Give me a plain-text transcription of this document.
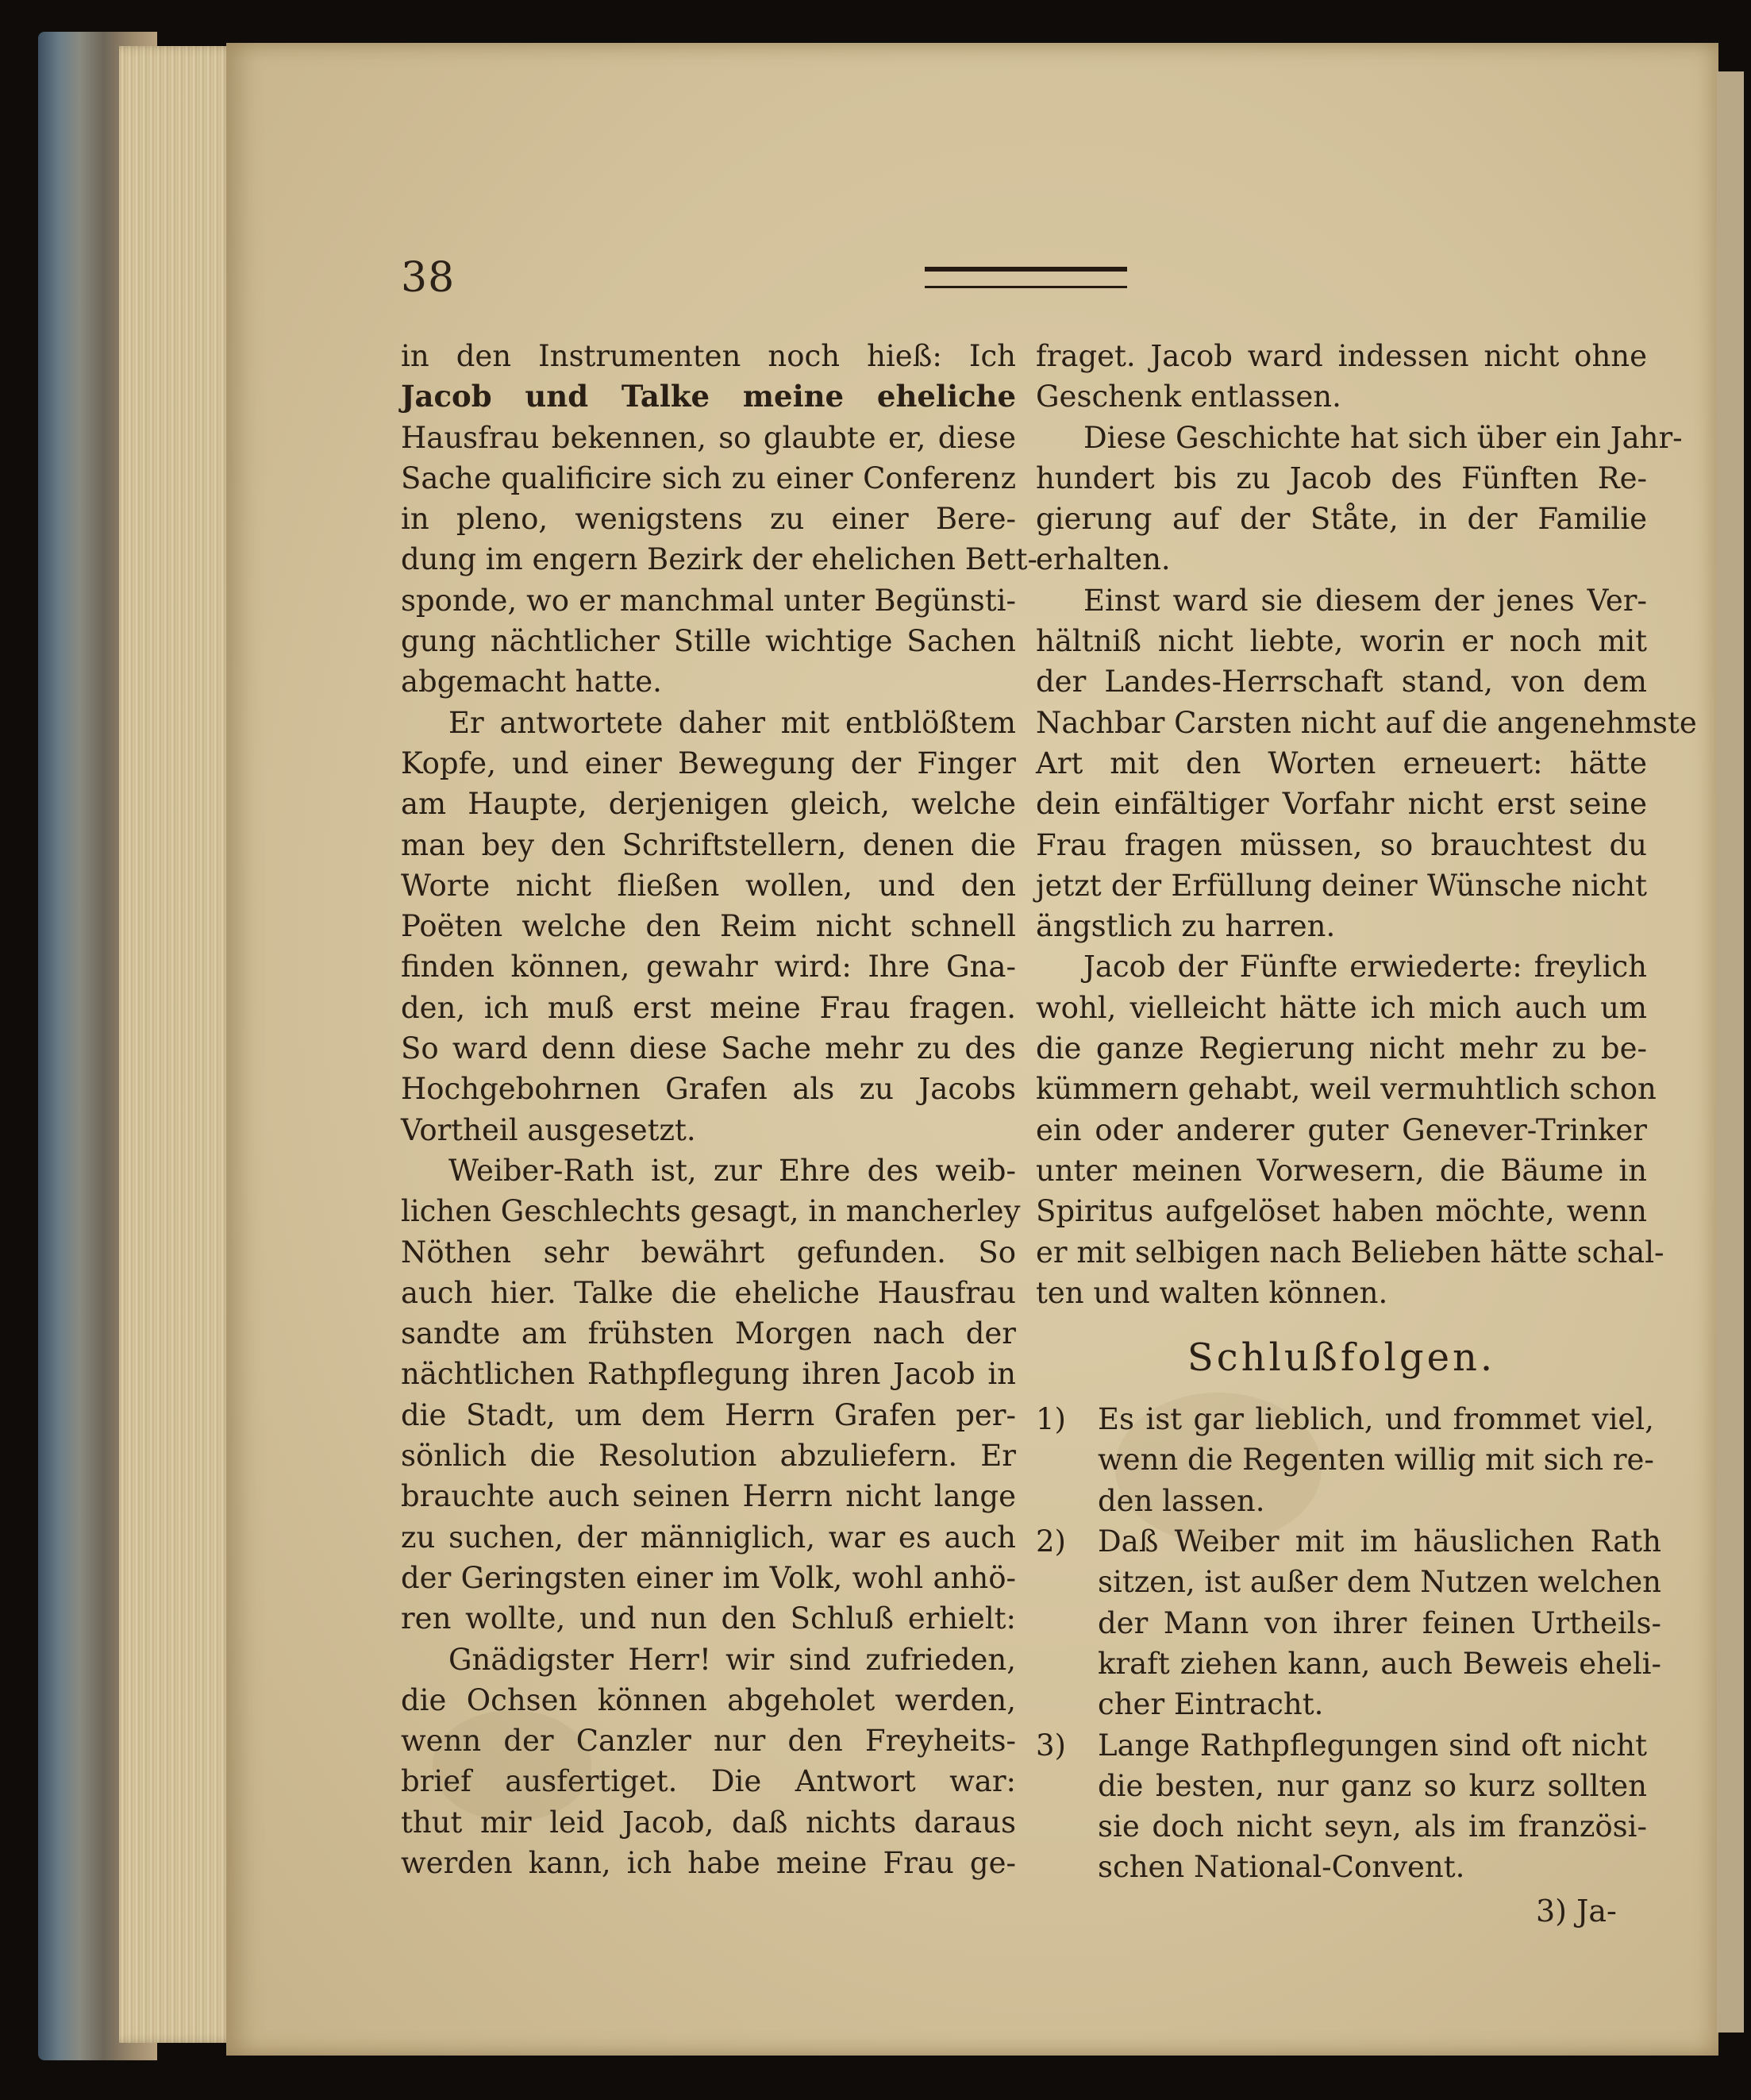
38
in den Instrumenten noch hieß: Ich
Jacob und Talke meine eheliche
Hausfrau bekennen, so glaubte er, diese
Sache qualificire sich zu einer Conferenz
in pleno, wenigstens zu einer Bere-
dung im engern Bezirk der ehelichen Bett-
sponde, wo er manchmal unter Begünsti-
gung nächtlicher Stille wichtige Sachen
abgemacht hatte.
Er antwortete daher mit entblößtem
Kopfe, und einer Bewegung der Finger
am Haupte, derjenigen gleich, welche
man bey den Schriftstellern, denen die
Worte nicht fließen wollen, und den
Poëten welche den Reim nicht schnell
finden können, gewahr wird: Ihre Gna-
den, ich muß erst meine Frau fragen.
So ward denn diese Sache mehr zu des
Hochgebohrnen Grafen als zu Jacobs
Vortheil ausgesetzt.
Weiber-Rath ist, zur Ehre des weib-
lichen Geschlechts gesagt, in mancherley
Nöthen sehr bewährt gefunden. So
auch hier. Talke die eheliche Hausfrau
sandte am frühsten Morgen nach der
nächtlichen Rathpflegung ihren Jacob in
die Stadt, um dem Herrn Grafen per-
sönlich die Resolution abzuliefern. Er
brauchte auch seinen Herrn nicht lange
zu suchen, der männiglich, war es auch
der Geringsten einer im Volk, wohl anhö-
ren wollte, und nun den Schluß erhielt:
Gnädigster Herr! wir sind zufrieden,
die Ochsen können abgeholet werden,
wenn der Canzler nur den Freyheits-
brief ausfertiget. Die Antwort war:
thut mir leid Jacob, daß nichts daraus
werden kann, ich habe meine Frau ge-
fraget. Jacob ward indessen nicht ohne
Geschenk entlassen.
Diese Geschichte hat sich über ein Jahr-
hundert bis zu Jacob des Fünften Re-
gierung auf der Ståte, in der Familie
erhalten.
Einst ward sie diesem der jenes Ver-
hältniß nicht liebte, worin er noch mit
der Landes-Herrschaft stand, von dem
Nachbar Carsten nicht auf die angenehmste
Art mit den Worten erneuert: hätte
dein einfältiger Vorfahr nicht erst seine
Frau fragen müssen, so brauchtest du
jetzt der Erfüllung deiner Wünsche nicht
ängstlich zu harren.
Jacob der Fünfte erwiederte: freylich
wohl, vielleicht hätte ich mich auch um
die ganze Regierung nicht mehr zu be-
kümmern gehabt, weil vermuhtlich schon
ein oder anderer guter Genever-Trinker
unter meinen Vorwesern, die Bäume in
Spiritus aufgelöset haben möchte, wenn
er mit selbigen nach Belieben hätte schal-
ten und walten können.
Schlußfolgen.
1)	Es ist gar lieblich, und frommet viel,
wenn die Regenten willig mit sich re-
den lassen.
2)	Daß Weiber mit im häuslichen Rath
sitzen, ist außer dem Nutzen welchen
der Mann von ihrer feinen Urtheils-
kraft ziehen kann, auch Beweis eheli-
cher Eintracht.
3)	Lange Rathpflegungen sind oft nicht
die besten, nur ganz so kurz sollten
sie doch nicht seyn, als im französi-
schen National-Convent.
3) Ja-
